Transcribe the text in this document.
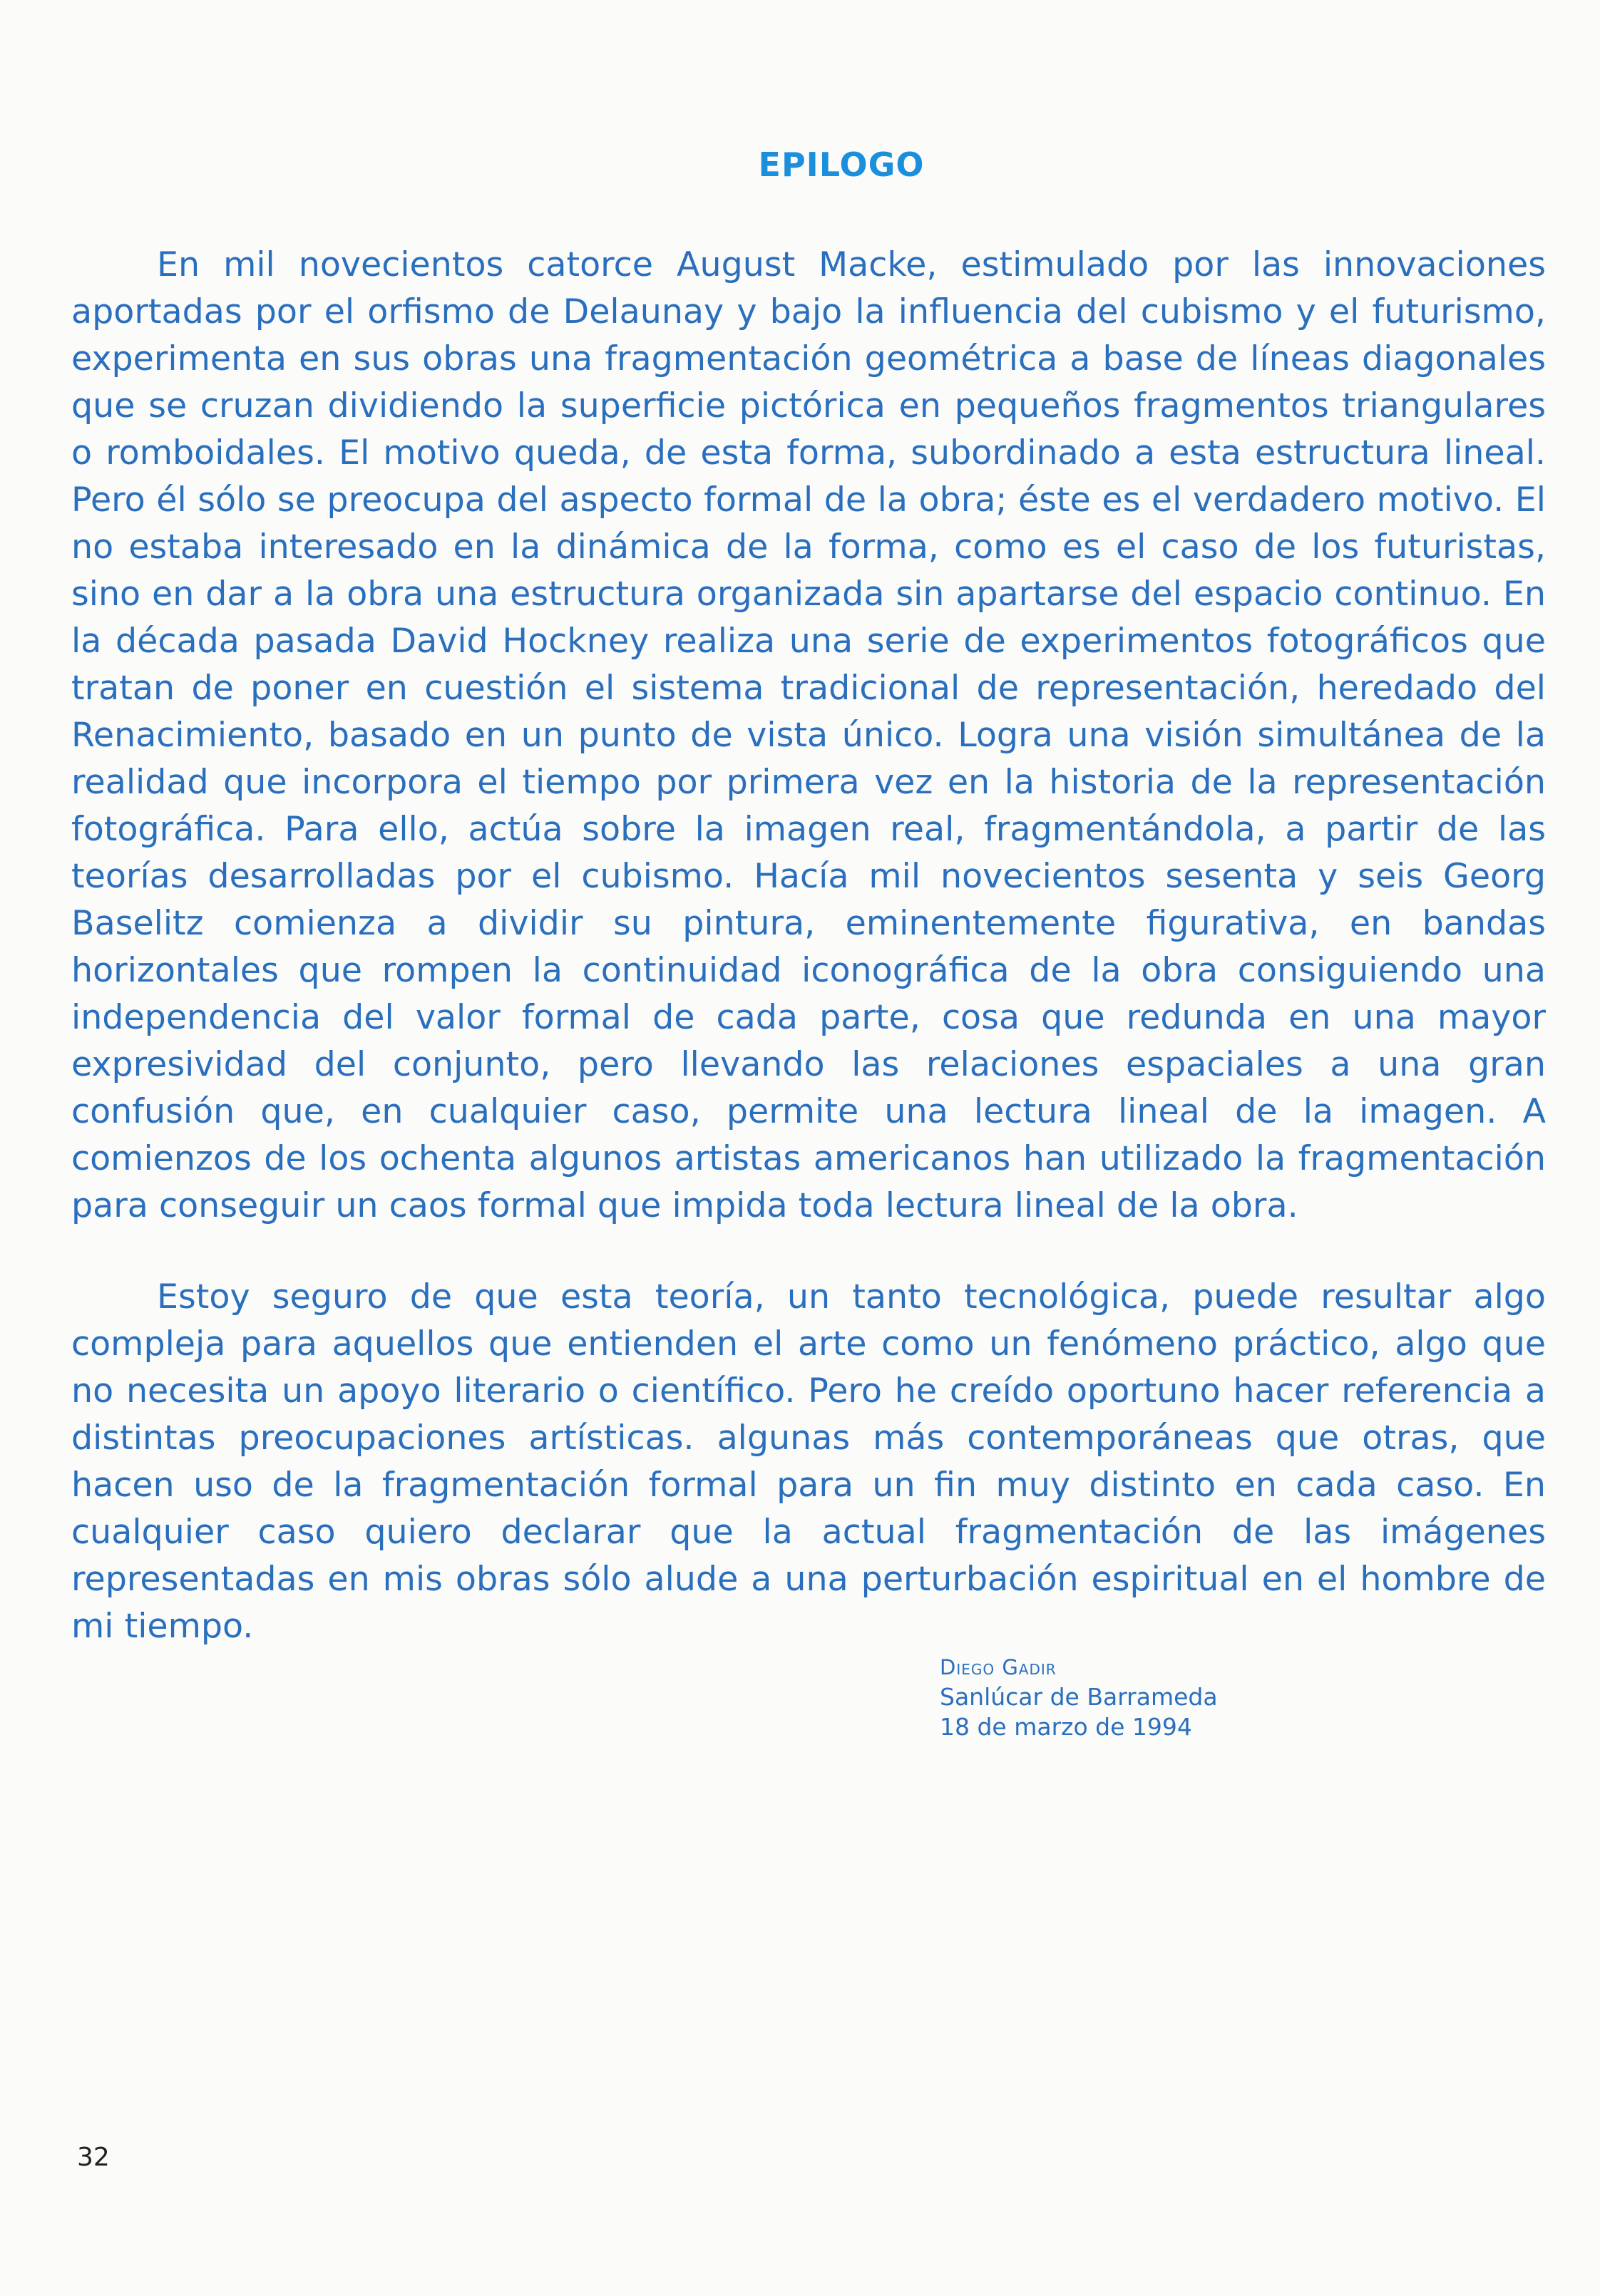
EPILOGO

En mil novecientos catorce August Macke, estimulado por las innovaciones aportadas por el orfismo de Delaunay y bajo la influencia del cubismo y el futurismo, experimenta en sus obras una fragmentación geométrica a base de líneas diagonales que se cruzan dividiendo la superficie pictórica en pequeños fragmentos triangulares o romboidales. El motivo queda, de esta forma, subordinado a esta estructura lineal. Pero él sólo se preocupa del aspecto formal de la obra; éste es el verdadero motivo. El no estaba interesado en la dinámica de la forma, como es el caso de los futuristas, sino en dar a la obra una estructura organizada sin apartarse del espacio continuo. En la década pasada David Hockney realiza una serie de experimentos fotográficos que tratan de poner en cuestión el sistema tradicional de representación, heredado del Renacimiento, basado en un punto de vista único. Logra una visión simultánea de la realidad que incorpora el tiempo por primera vez en la historia de la representación fotográfica. Para ello, actúa sobre la imagen real, fragmentándola, a partir de las teorías desarrolladas por el cubismo. Hacía mil novecientos sesenta y seis Georg Baselitz comienza a dividir su pintura, eminentemente figurativa, en bandas horizontales que rompen la continuidad iconográfica de la obra consiguiendo una independencia del valor formal de cada parte, cosa que redunda en una mayor expresividad del conjunto, pero llevando las relaciones espaciales a una gran confusión que, en cualquier caso, permite una lectura lineal de la imagen. A comienzos de los ochenta algunos artistas americanos han utilizado la fragmentación para conseguir un caos formal que impida toda lectura lineal de la obra.

Estoy seguro de que esta teoría, un tanto tecnológica, puede resultar algo compleja para aquellos que entienden el arte como un fenómeno práctico, algo que no necesita un apoyo literario o científico. Pero he creído oportuno hacer referencia a distintas preocupaciones artísticas. algunas más contemporáneas que otras, que hacen uso de la fragmentación formal para un fin muy distinto en cada caso. En cualquier caso quiero declarar que la actual fragmentación de las imágenes representadas en mis obras sólo alude a una perturbación espiritual en el hombre de mi tiempo.

Diego Gadir
Sanlúcar de Barrameda
18 de marzo de 1994
32
